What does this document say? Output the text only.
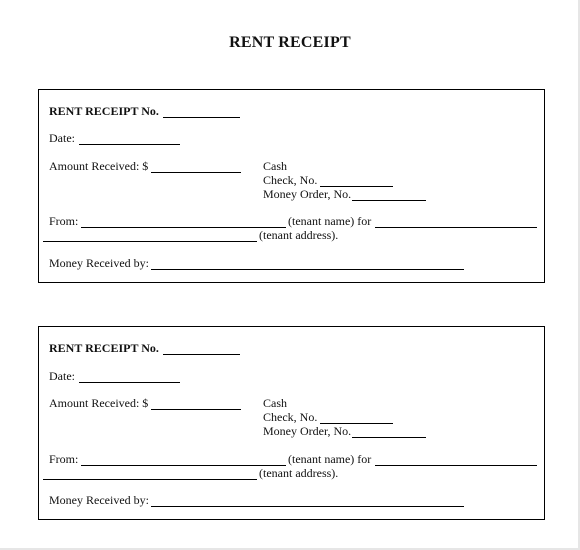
RENT RECEIPT
RENT RECEIPT No.
Date:
Amount Received: $	Cash
Check, No.
Money Order, No.
From:	(tenant name) for
(tenant address).
Money Received by:
RENT RECEIPT No.
Date:
Amount Received: $	Cash
Check, No.
Money Order, No.
From:	(tenant name) for
(tenant address).
Money Received by:
